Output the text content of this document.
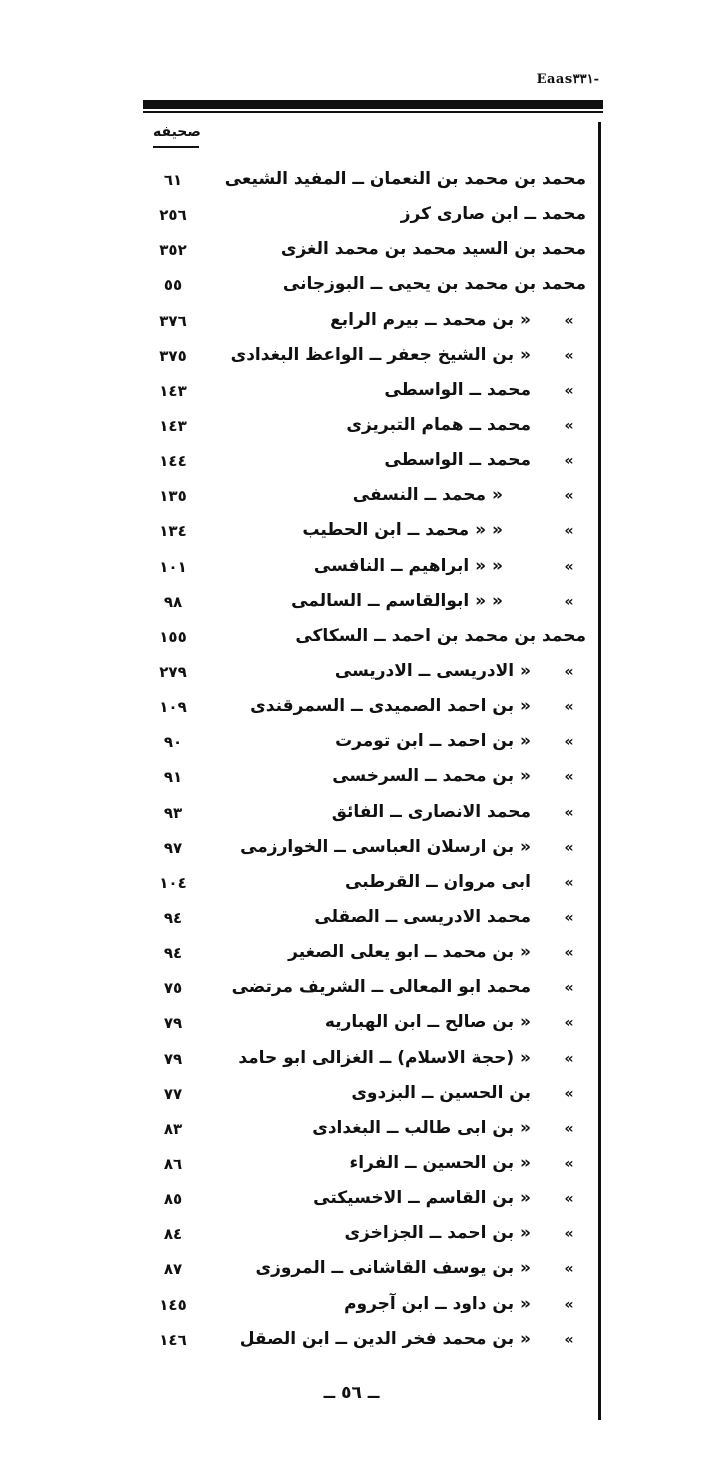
Eaas۳۳۱-
صحيفه
٦١	محمد بن محمد بن النعمان ــ المفيد الشيعى
٢٥٦	محمد ــ ابن صارى كرز
٣٥٢	محمد بن السيد محمد بن محمد الغزى
٥٥	محمد بن محمد بن يحيى ــ البوزجانى
٣٧٦	« بن محمد ــ بيرم الرابع «
٣٧٥	« بن الشيخ جعفر ــ الواعظ البغدادى «
١٤٣	محمد ــ الواسطى «
١٤٣	محمد ــ همام التبريزى «
١٤٤	محمد ــ الواسطى «
١٣٥	« محمد ــ النسفى	«
١٣٤	« « محمد ــ ابن الحطيب	«
١٠١	« « ابراهيم ــ النافسى	«
٩٨	« « ابوالقاسم ــ السالمى	«
١٥٥	محمد بن محمد بن احمد ــ السكاكى
٢٧٩	« الادريسى ــ الادريسى «
١٠٩	« بن احمد الصميدى ــ السمرقندى «
٩٠	« بن احمد ــ ابن تومرت «
٩١	« بن محمد ــ السرخسى «
٩٣	محمد الانصارى ــ الفائق «
٩٧	« بن ارسلان العباسى ــ الخوارزمى «
١٠٤	ابى مروان ــ القرطبى «
٩٤	محمد الادريسى ــ الصقلى «
٩٤	« بن محمد ــ ابو يعلى الصغير «
٧٥	محمد ابو المعالى ــ الشريف مرتضى «
٧٩	« بن صالح ــ ابن الهباريه «
٧٩	« (حجة الاسلام) ــ الغزالى ابو حامد «
٧٧	بن الحسين ــ البزدوى «
٨٣	« بن ابى طالب ــ البغدادى «
٨٦	« بن الحسين ــ الفراء «
٨٥	« بن القاسم ــ الاخسيكتى «
٨٤	« بن احمد ــ الجزاخزى «
٨٧	« بن يوسف القاشانى ــ المروزى «
١٤٥	« بن داود ــ ابن آجروم «
١٤٦	« بن محمد فخر الدين ــ ابن الصقل «
ــ ٥٦ ــ
